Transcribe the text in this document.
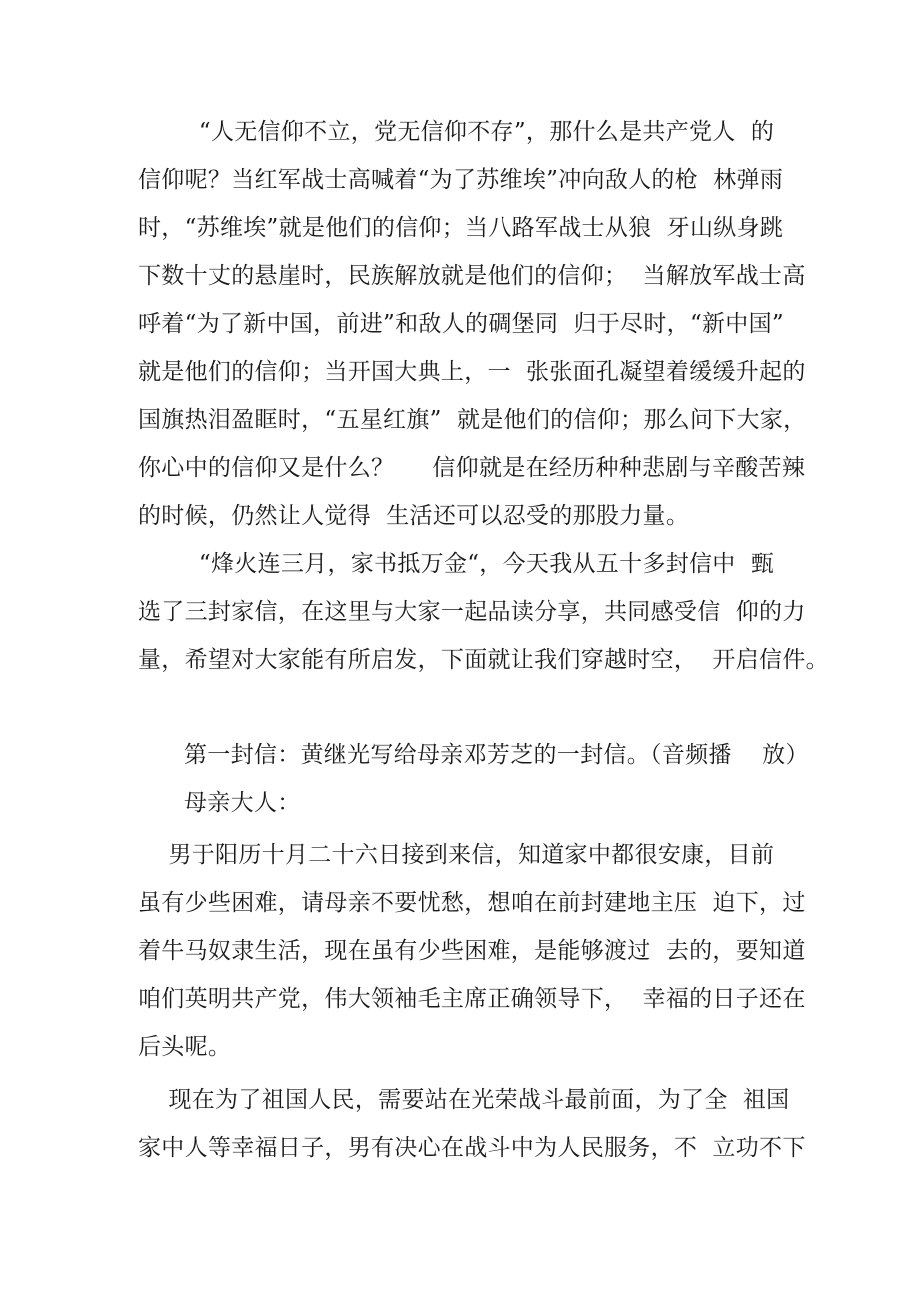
“人无信仰不立，党无信仰不存”，那什么是共产党人  的
信仰呢？当红军战士高喊着“为了苏维埃”冲向敌人的枪  林弹雨
时，“苏维埃”就是他们的信仰；当八路军战士从狼  牙山纵身跳
下数十丈的悬崖时，民族解放就是他们的信仰；  当解放军战士高
呼着“为了新中国，前进”和敌人的碉堡同  归于尽时，“新中国”
就是他们的信仰；当开国大典上，一  张张面孔凝望着缓缓升起的
国旗热泪盈眶时，“五星红旗”  就是他们的信仰；那么问下大家，
你心中的信仰又是什么？     信仰就是在经历种种悲剧与辛酸苦辣
的时候，仍然让人觉得  生活还可以忍受的那股力量。
“烽火连三月，家书抵万金“，今天我从五十多封信中  甄
选了三封家信，在这里与大家一起品读分享，共同感受信  仰的力
量，希望对大家能有所启发，下面就让我们穿越时空，  开启信件。
第一封信：黄继光写给母亲邓芳芝的一封信。（音频播    放）
母亲大人：
男于阳历十月二十六日接到来信，知道家中都很安康，目前
虽有少些困难，请母亲不要忧愁，想咱在前封建地主压  迫下，过
着牛马奴隶生活，现在虽有少些困难，是能够渡过  去的，要知道
咱们英明共产党，伟大领袖毛主席正确领导下，  幸福的日子还在
后头呢。
现在为了祖国人民，需要站在光荣战斗最前面，为了全  祖国
家中人等幸福日子，男有决心在战斗中为人民服务，不  立功不下
